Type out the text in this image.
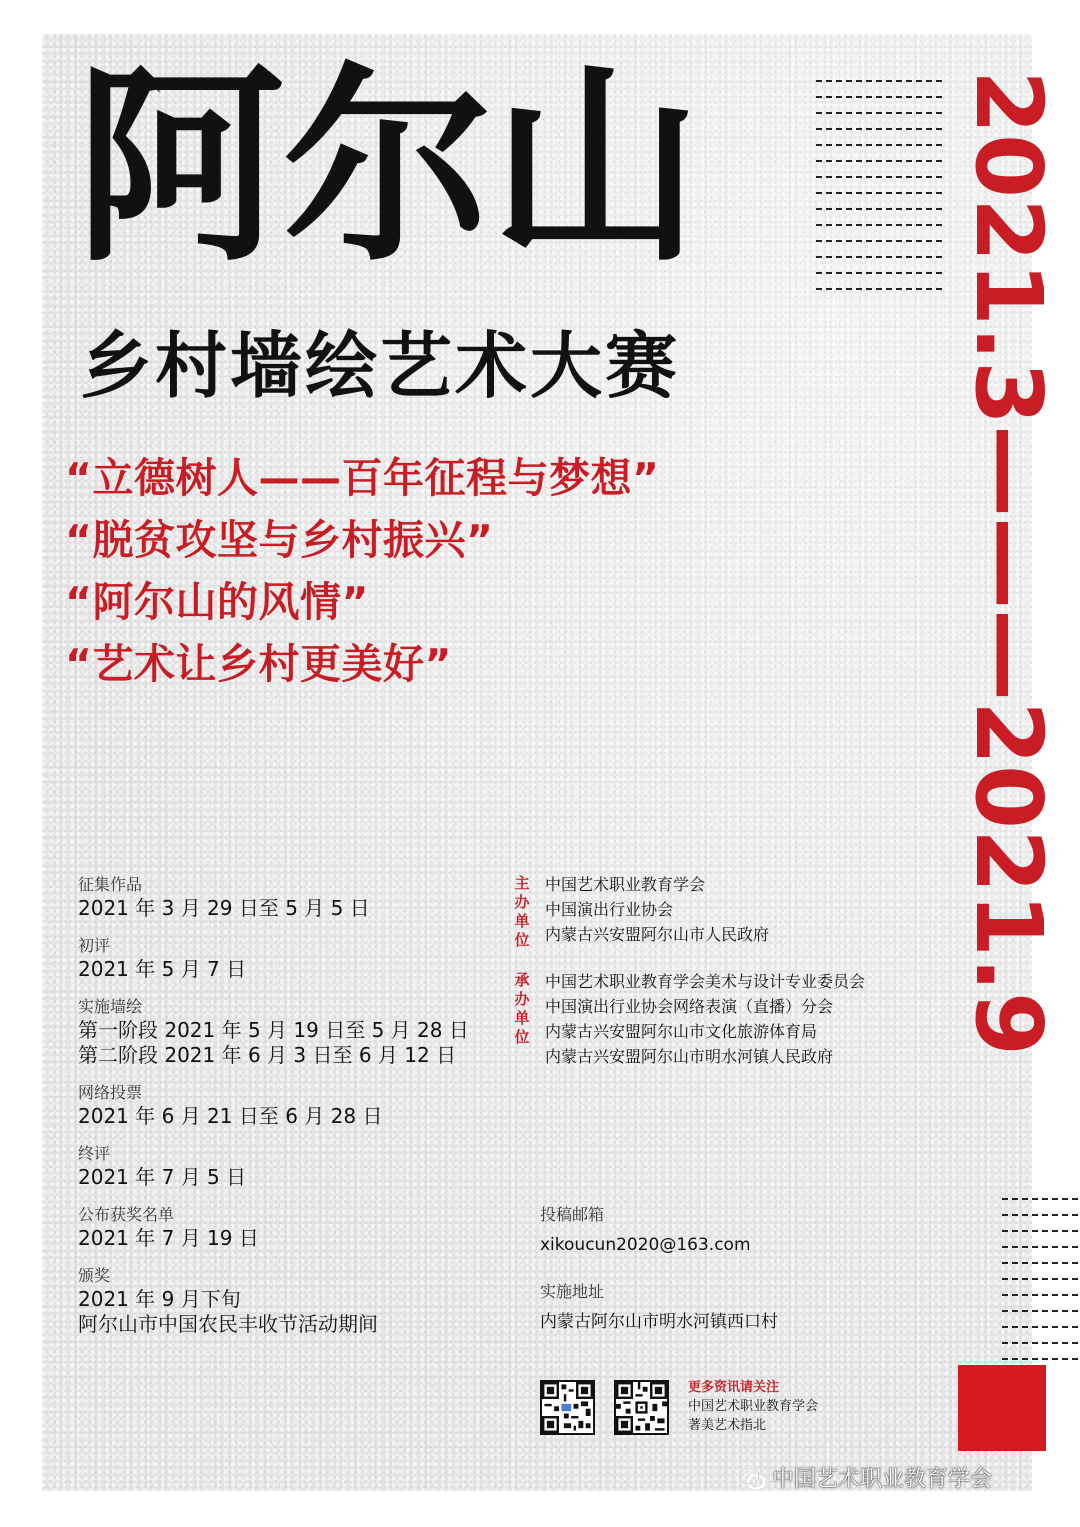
阿尔山
乡村墙绘艺术大赛
“立德树人——百年征程与梦想”
“脱贫攻坚与乡村振兴”
“阿尔山的风情”
“艺术让乡村更美好”	2021.3———2021.9
征集作品
2021 年 3 月 29 日至 5 月 5 日
初评
2021 年 5 月 7 日
实施墙绘
第一阶段 2021 年 5 月 19 日至 5 月 28 日
第二阶段 2021 年 6 月 3 日至 6 月 12 日
网络投票
2021 年 6 月 21 日至 6 月 28 日
终评
2021 年 7 月 5 日
公布获奖名单
2021 年 7 月 19 日
颁奖
2021 年 9 月下旬
阿尔山市中国农民丰收节活动期间
主办单位
中国艺术职业教育学会
中国演出行业协会
内蒙古兴安盟阿尔山市人民政府
承办单位
中国艺术职业教育学会美术与设计专业委员会
中国演出行业协会网络表演（直播）分会
内蒙古兴安盟阿尔山市文化旅游体育局
内蒙古兴安盟阿尔山市明水河镇人民政府
投稿邮箱
xikoucun2020@163.com
实施地址
内蒙古阿尔山市明水河镇西口村
更多资讯请关注
中国艺术职业教育学会
著美艺术指北
中国艺术职业教育学会
